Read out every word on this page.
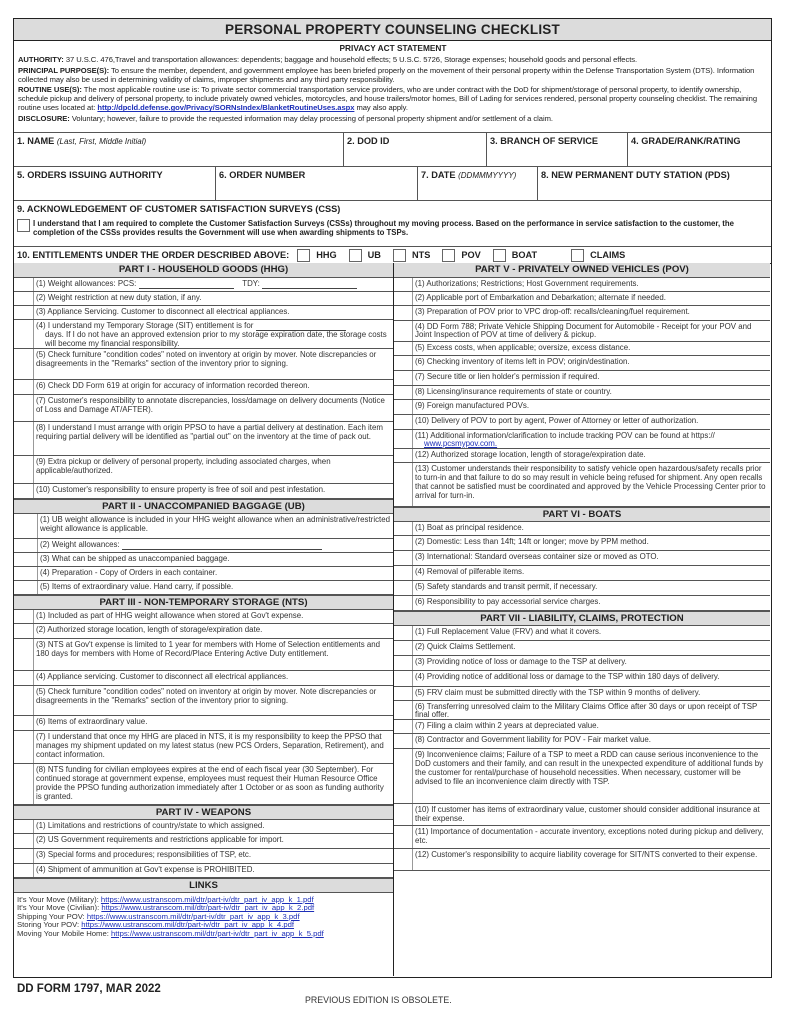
PERSONAL PROPERTY COUNSELING CHECKLIST
PRIVACY ACT STATEMENT

AUTHORITY: 37 U.S.C. 476,Travel and transportation allowances: dependents; baggage and household effects; 5 U.S.C. 5726, Storage expenses; household goods and personal effects.

PRINCIPAL PURPOSE(S): To ensure the member, dependent, and government employee has been briefed properly on the movement of their personal property within the Defense Transportation System (DTS). Information collected may also be used in determining validity of claims, improper shipments and any third party responsibility.

ROUTINE USE(S): The most applicable routine use is: To private sector commercial transportation service providers, who are under contract with the DoD for shipment/storage of personal property, to identify ownership, schedule pickup and delivery of personal property, to include privately owned vehicles, motorcycles, and house trailers/motor homes, Bill of Lading for services rendered, personal property counseling checklist. The remaining routine uses located at: http://dpcld.defense.gov/Privacy/SORNsIndex/BlanketRoutineUses.aspx may also apply.

DISCLOSURE: Voluntary; however, failure to provide the requested information may delay processing of personal property shipment and/or settlement of a claim.

1. NAME (Last, First, Middle Initial)	2. DOD ID	3. BRANCH OF SERVICE	4. GRADE/RANK/RATING
5. ORDERS ISSUING AUTHORITY	6. ORDER NUMBER	7. DATE (DDMMMYYYY)	8. NEW PERMANENT DUTY STATION (PDS)
9. ACKNOWLEDGEMENT OF CUSTOMER SATISFACTION SURVEYS (CSS)
I understand that I am required to complete the Customer Satisfaction Surveys (CSSs) throughout my moving process. Based on the performance in service satisfaction to the customer, the completion of the CSSs provides results the Government will use when awarding shipments to TSPs.
10. ENTITLEMENTS UNDER THE ORDER DESCRIBED ABOVE:	HHG	UB	NTS	POV	BOAT	CLAIMS
PART I - HOUSEHOLD GOODS (HHG)
(1) Weight allowances: PCS:	TDY:
(2) Weight restriction at new duty station, if any.
(3) Appliance Servicing. Customer to disconnect all electrical appliances.
(4) I understand my Temporary Storage (SIT) entitlement is for
days. If I do not have an approved extension prior to my storage expiration date, the storage costs will become my financial responsibility.
(5) Check furniture "condition codes" noted on inventory at origin by mover. Note discrepancies or disagreements in the "Remarks" section of the inventory prior to signing.
(6) Check DD Form 619 at origin for accuracy of information recorded thereon.
(7) Customer's responsibility to annotate discrepancies, loss/damage on delivery documents (Notice of Loss and Damage AT/AFTER).
(8) I understand I must arrange with origin PPSO to have a partial delivery at destination. Each item requiring partial delivery will be identified as "partial out" on the inventory at the time of pack out.
(9) Extra pickup or delivery of personal property, including associated charges, when applicable/authorized.
(10) Customer's responsibility to ensure property is free of soil and pest infestation.
PART II - UNACCOMPANIED BAGGAGE (UB)
(1) UB weight allowance is included in your HHG weight allowance when an administrative/restricted weight allowance is applicable.
(2) Weight allowances:
(3) What can be shipped as unaccompanied baggage.
(4) Preparation - Copy of Orders in each container.
(5) Items of extraordinary value. Hand carry, if possible.
PART III - NON-TEMPORARY STORAGE (NTS)
(1) Included as part of HHG weight allowance when stored at Gov't expense.
(2) Authorized storage location, length of storage/expiration date.
(3) NTS at Gov't expense is limited to 1 year for members with Home of Selection entitlements and 180 days for members with Home of Record/Place Entering Active Duty entitlement.
(4) Appliance servicing. Customer to disconnect all electrical appliances.
(5) Check furniture "condition codes" noted on inventory at origin by mover. Note discrepancies or disagreements in the "Remarks" section of the inventory prior to signing.
(6) Items of extraordinary value.
(7) I understand that once my HHG are placed in NTS, it is my responsibility to keep the PPSO that manages my shipment updated on my latest status (new PCS Orders, Separation, Retirement), and contact information.
(8) NTS funding for civilian employees expires at the end of each fiscal year (30 September). For continued storage at government expense, employees must request their Human Resource Office provide the PPSO funding authorization immediately after 1 October or as soon as funding authority is granted.
PART IV - WEAPONS
(1) Limitations and restrictions of country/state to which assigned.
(2) US Government requirements and restrictions applicable for import.
(3) Special forms and procedures; responsibilities of TSP, etc.
(4) Shipment of ammunition at Gov't expense is PROHIBITED.
LINKS
It's Your Move (Military): https://www.ustranscom.mil/dtr/part-iv/dtr_part_iv_app_k_1.pdf
It's Your Move (Civilian): https://www.ustranscom.mil/dtr/part-iv/dtr_part_iv_app_k_2.pdf
Shipping Your POV: https://www.ustranscom.mil/dtr/part-iv/dtr_part_iv_app_k_3.pdf
Storing Your POV: https://www.ustranscom.mil/dtr/part-iv/dtr_part_iv_app_k_4.pdf
Moving Your Mobile Home: https://www.ustranscom.mil/dtr/part-iv/dtr_part_iv_app_k_5.pdf
PART V - PRIVATELY OWNED VEHICLES (POV)
(1) Authorizations; Restrictions; Host Government requirements.
(2) Applicable port of Embarkation and Debarkation; alternate if needed.
(3) Preparation of POV prior to VPC drop-off: recalls/cleaning/fuel requirement.
(4) DD Form 788; Private Vehicle Shipping Document for Automobile - Receipt for your POV and Joint Inspection of POV at time of delivery & pickup.
(5) Excess costs, when applicable; oversize, excess distance.
(6) Checking inventory of items left in POV; origin/destination.
(7) Secure title or lien holder's permission if required.
(8) Licensing/insurance requirements of state or country.
(9) Foreign manufactured POVs.
(10) Delivery of POV to port by agent, Power of Attorney or letter of authorization.
(11) Additional information/clarification to include tracking POV can be found at https://
www.pcsmypov.com.
(12) Authorized storage location, length of storage/expiration date.
(13) Customer understands their responsibility to satisfy vehicle open hazardous/safety recalls prior to turn-in and that failure to do so may result in vehicle being refused for shipment. Any open recalls that cannot be satisfied must be coordinated and approved by the Vehicle Processing Center prior to arrival for turn-in.
PART VI - BOATS
(1) Boat as principal residence.
(2) Domestic: Less than 14ft; 14ft or longer; move by PPM method.
(3) International: Standard overseas container size or moved as OTO.
(4) Removal of pilferable items.
(5) Safety standards and transit permit, if necessary.
(6) Responsibility to pay accessorial service charges.
PART VII - LIABILITY, CLAIMS, PROTECTION
(1) Full Replacement Value (FRV) and what it covers.
(2) Quick Claims Settlement.
(3) Providing notice of loss or damage to the TSP at delivery.
(4) Providing notice of additional loss or damage to the TSP within 180 days of delivery.
(5) FRV claim must be submitted directly with the TSP within 9 months of delivery.
(6) Transferring unresolved claim to the Military Claims Office after 30 days or upon receipt of TSP final offer.
(7) Filing a claim within 2 years at depreciated value.
(8) Contractor and Government liability for POV - Fair market value.
(9) Inconvenience claims; Failure of a TSP to meet a RDD can cause serious inconvenience to the DoD customers and their family, and can result in the unexpected expenditure of additional funds by the customer for rental/purchase of household necessities. When necessary, customer will be advised to file an inconvenience claim directly with TSP.
(10) If customer has items of extraordinary value, customer should consider additional insurance at their expense.
(11) Importance of documentation - accurate inventory, exceptions noted during pickup and delivery, etc.
(12) Customer's responsibility to acquire liability coverage for SIT/NTS converted to their expense.
DD FORM 1797, MAR 2022
PREVIOUS EDITION IS OBSOLETE.
